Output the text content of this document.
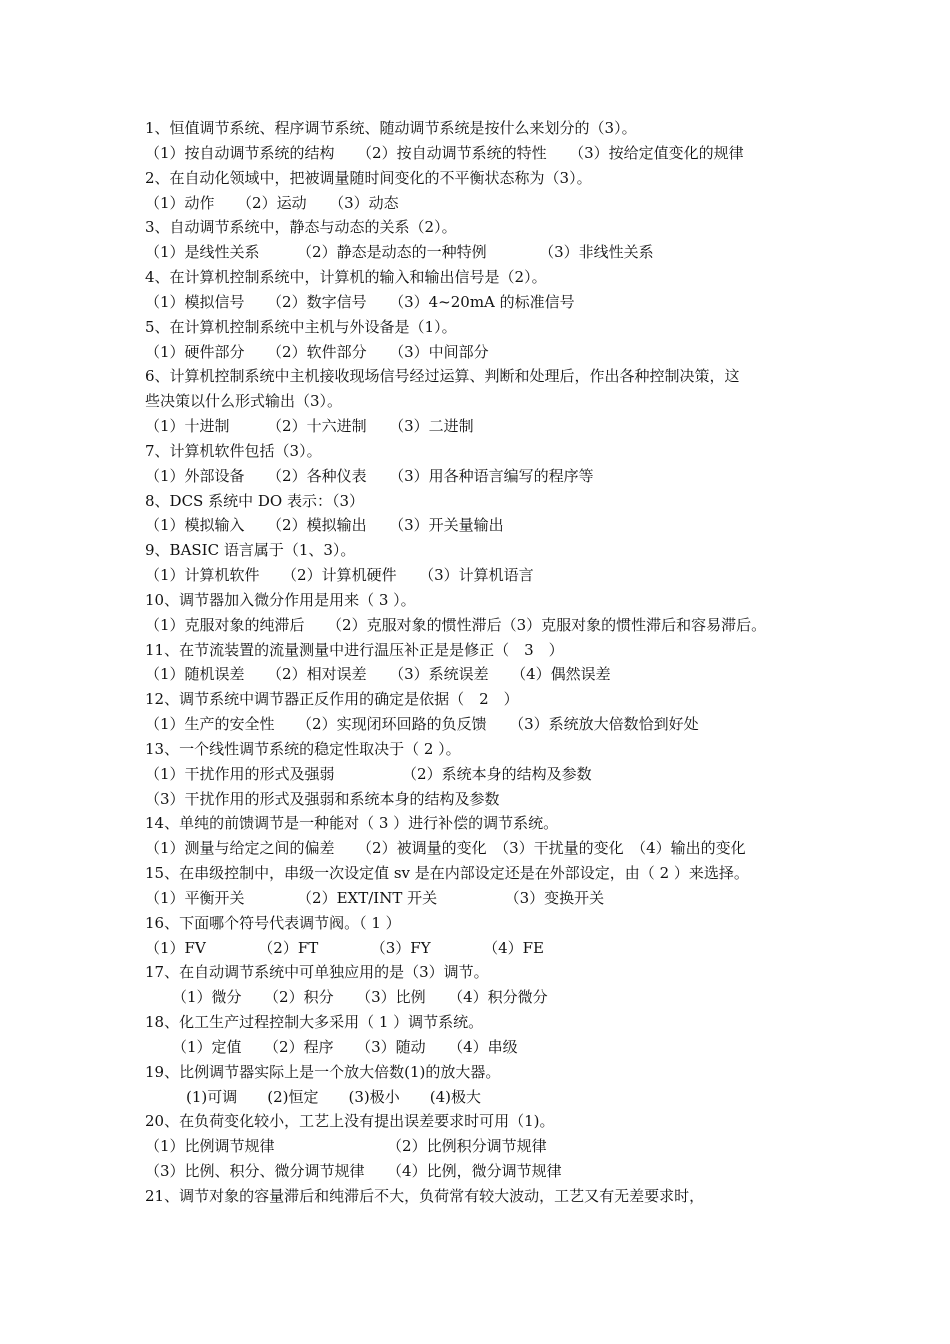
1、恒值调节系统、程序调节系统、随动调节系统是按什么来划分的（3）。

（1）按自动调节系统的结构　　（2）按自动调节系统的特性　　（3）按给定值变化的规律

2、在自动化领域中，把被调量随时间变化的不平衡状态称为（3）。

（1）动作　　（2）运动　　（3）动态

3、自动调节系统中，静态与动态的关系（2）。

（1）是线性关系　　　（2）静态是动态的一种特例　　　　（3）非线性关系

4、在计算机控制系统中，计算机的输入和输出信号是（2）。

（1）模拟信号　　（2）数字信号　　（3）4~20mA 的标准信号

5、在计算机控制系统中主机与外设备是（1）。

（1）硬件部分　　（2）软件部分　　（3）中间部分

6、计算机控制系统中主机接收现场信号经过运算、判断和处理后，作出各种控制决策，这

些决策以什么形式输出（3）。

（1）十进制　　　（2）十六进制　　（3）二进制

7、计算机软件包括（3）。

（1）外部设备　　（2）各种仪表　　（3）用各种语言编写的程序等

8、DCS 系统中 DO 表示：（3）

（1）模拟输入　　（2）模拟输出　　（3）开关量输出

9、BASIC 语言属于（1、3）。

（1）计算机软件　　（2）计算机硬件　　（3）计算机语言

10、调节器加入微分作用是用来（ 3 ）。

（1）克服对象的纯滞后　　（2）克服对象的惯性滞后（3）克服对象的惯性滞后和容易滞后。

11、在节流装置的流量测量中进行温压补正是是修正（　3　）

（1）随机误差　　（2）相对误差　　（3）系统误差　　（4）偶然误差

12、调节系统中调节器正反作用的确定是依据（　2　）

（1）生产的安全性　　（2）实现闭环回路的负反馈　　（3）系统放大倍数恰到好处

13、一个线性调节系统的稳定性取决于（ 2 ）。

（1）干扰作用的形式及强弱　　　　　（2）系统本身的结构及参数

（3）干扰作用的形式及强弱和系统本身的结构及参数

14、单纯的前馈调节是一种能对（ 3 ）进行补偿的调节系统。

（1）测量与给定之间的偏差　　（2）被调量的变化　（3）干扰量的变化　（4）输出的变化

15、在串级控制中，串级一次设定值 sv 是在内部设定还是在外部设定，由（ 2 ）来选择。

（1）平衡开关　　　　（2）EXT/INT 开关　　　　　（3）变换开关

16、下面哪个符号代表调节阀。（ 1 ）

（1）FV　　　　（2）FT　　　　（3）FY　　　　（4）FE

17、在自动调节系统中可单独应用的是（3）调节。

（1）微分　　（2）积分　　（3）比例　　（4）积分微分

18、化工生产过程控制大多采用（ 1 ）调节系统。

（1）定值　　（2）程序　　（3）随动　　（4）串级

19、比例调节器实际上是一个放大倍数(1)的放大器。

(1)可调　　(2)恒定　　(3)极小　　(4)极大

20、在负荷变化较小，工艺上没有提出误差要求时可用（1)。

（1）比例调节规律　　　　　　　　（2）比例积分调节规律

（3）比例、积分、微分调节规律　　（4）比例，微分调节规律

21、调节对象的容量滞后和纯滞后不大，负荷常有较大波动，工艺又有无差要求时，
